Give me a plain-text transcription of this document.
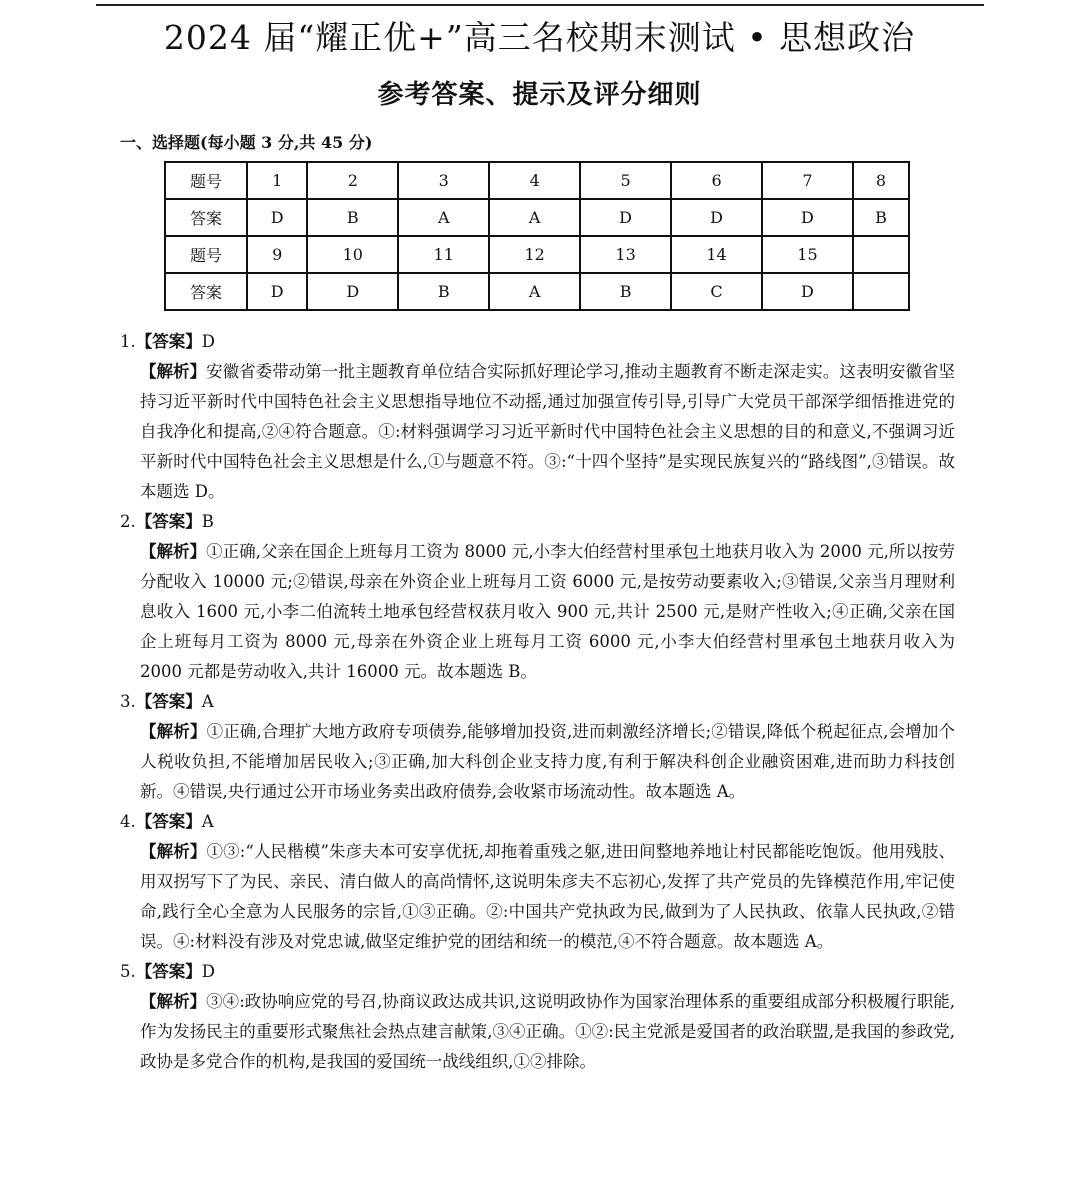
2024 届“耀正优+”高三名校期末测试 • 思想政治
参考答案、提示及评分细则
一、选择题(每小题 3 分,共 45 分)
题号	1	2	3	4	5	6	7	8
答案	D	B	A	A	D	D	D	B
题号	9	10	11	12	13	14	15	
答案	D	D	B	A	B	C	D	
1.【答案】D
【解析】安徽省委带动第一批主题教育单位结合实际抓好理论学习,推动主题教育不断走深走实。这表明安徽省坚持习近平新时代中国特色社会主义思想指导地位不动摇,通过加强宣传引导,引导广大党员干部深学细悟推进党的自我净化和提高,②④符合题意。①:材料强调学习习近平新时代中国特色社会主义思想的目的和意义,不强调习近平新时代中国特色社会主义思想是什么,①与题意不符。③:“十四个坚持”是实现民族复兴的“路线图”,③错误。故本题选 D。
2.【答案】B
【解析】①正确,父亲在国企上班每月工资为 8000 元,小李大伯经营村里承包土地获月收入为 2000 元,所以按劳分配收入 10000 元;②错误,母亲在外资企业上班每月工资 6000 元,是按劳动要素收入;③错误,父亲当月理财利息收入 1600 元,小李二伯流转土地承包经营权获月收入 900 元,共计 2500 元,是财产性收入;④正确,父亲在国企上班每月工资为 8000 元,母亲在外资企业上班每月工资 6000 元,小李大伯经营村里承包土地获月收入为 2000 元都是劳动收入,共计 16000 元。故本题选 B。
3.【答案】A
【解析】①正确,合理扩大地方政府专项债券,能够增加投资,进而刺激经济增长;②错误,降低个税起征点,会增加个人税收负担,不能增加居民收入;③正确,加大科创企业支持力度,有利于解决科创企业融资困难,进而助力科技创新。④错误,央行通过公开市场业务卖出政府债券,会收紧市场流动性。故本题选 A。
4.【答案】A
【解析】①③:“人民楷模”朱彦夫本可安享优抚,却拖着重残之躯,进田间整地养地让村民都能吃饱饭。他用残肢、用双拐写下了为民、亲民、清白做人的高尚情怀,这说明朱彦夫不忘初心,发挥了共产党员的先锋模范作用,牢记使命,践行全心全意为人民服务的宗旨,①③正确。②:中国共产党执政为民,做到为了人民执政、依靠人民执政,②错误。④:材料没有涉及对党忠诚,做坚定维护党的团结和统一的模范,④不符合题意。故本题选 A。
5.【答案】D
【解析】③④:政协响应党的号召,协商议政达成共识,这说明政协作为国家治理体系的重要组成部分积极履行职能,作为发扬民主的重要形式聚焦社会热点建言献策,③④正确。①②:民主党派是爱国者的政治联盟,是我国的参政党,政协是多党合作的机构,是我国的爱国统一战线组织,①②排除。
